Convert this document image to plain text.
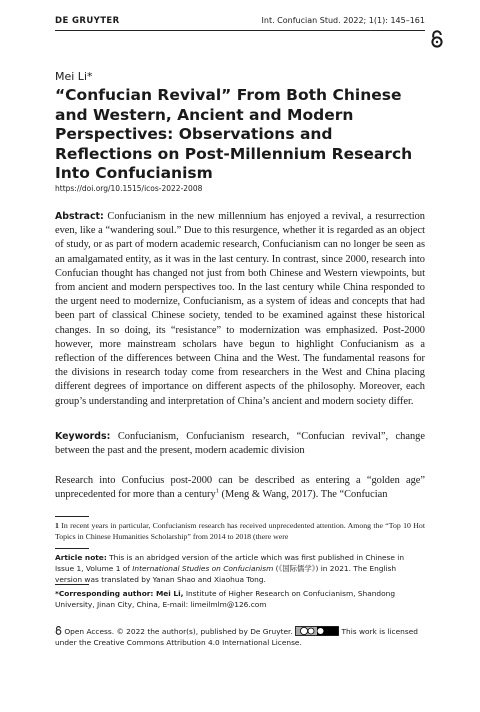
DE GRUYTER	Int. Confucian Stud. 2022; 1(1): 145–161
Mei Li*
“Confucian Revival” From Both Chinese and Western, Ancient and Modern Perspectives: Observations and Reflections on Post-Millennium Research Into Confucianism
https://doi.org/10.1515/icos-2022-2008

Abstract: Confucianism in the new millennium has enjoyed a revival, a resurrection even, like a “wandering soul.” Due to this resurgence, whether it is regarded as an object of study, or as part of modern academic research, Confucianism can no longer be seen as an amalgamated entity, as it was in the last century. In contrast, since 2000, research into Confucian thought has changed not just from both Chinese and Western viewpoints, but from ancient and modern perspectives too. In the last century while China responded to the urgent need to modernize, Confucianism, as a system of ideas and concepts that had been part of classical Chinese society, tended to be examined against these historical changes. In so doing, its “resistance” to modernization was emphasized. Post-2000 however, more mainstream scholars have begun to highlight Confucianism as a reflection of the differences between China and the West. The fundamental reasons for the divisions in research today come from researchers in the West and China placing different degrees of importance on different aspects of the philosophy. Moreover, each group’s understanding and interpretation of China’s ancient and modern society differ.

Keywords: Confucianism, Confucianism research, “Confucian revival”, change between the past and the present, modern academic division

Research into Confucius post-2000 can be described as entering a “golden age” unprecedented for more than a century$^1$ (Meng & Wang, 2017). The “Confucian

1 In recent years in particular, Confucianism research has received unprecedented attention. Among the “Top 10 Hot Topics in Chinese Humanities Scholarship” from 2014 to 2018 (there were

Article note: This is an abridged version of the article which was first published in Chinese in Issue 1, Volume 1 of International Studies on Confucianism (《国际儒学》) in 2021. The English version was translated by Yanan Shao and Xiaohua Tong.

*Corresponding author: Mei Li, Institute of Higher Research on Confucianism, Shandong University, Jinan City, China, E-mail: limeilmlm@126.com

Open Access. © 2022 the author(s), published by De Gruyter.	This work is licensed under the Creative Commons Attribution 4.0 International License.
